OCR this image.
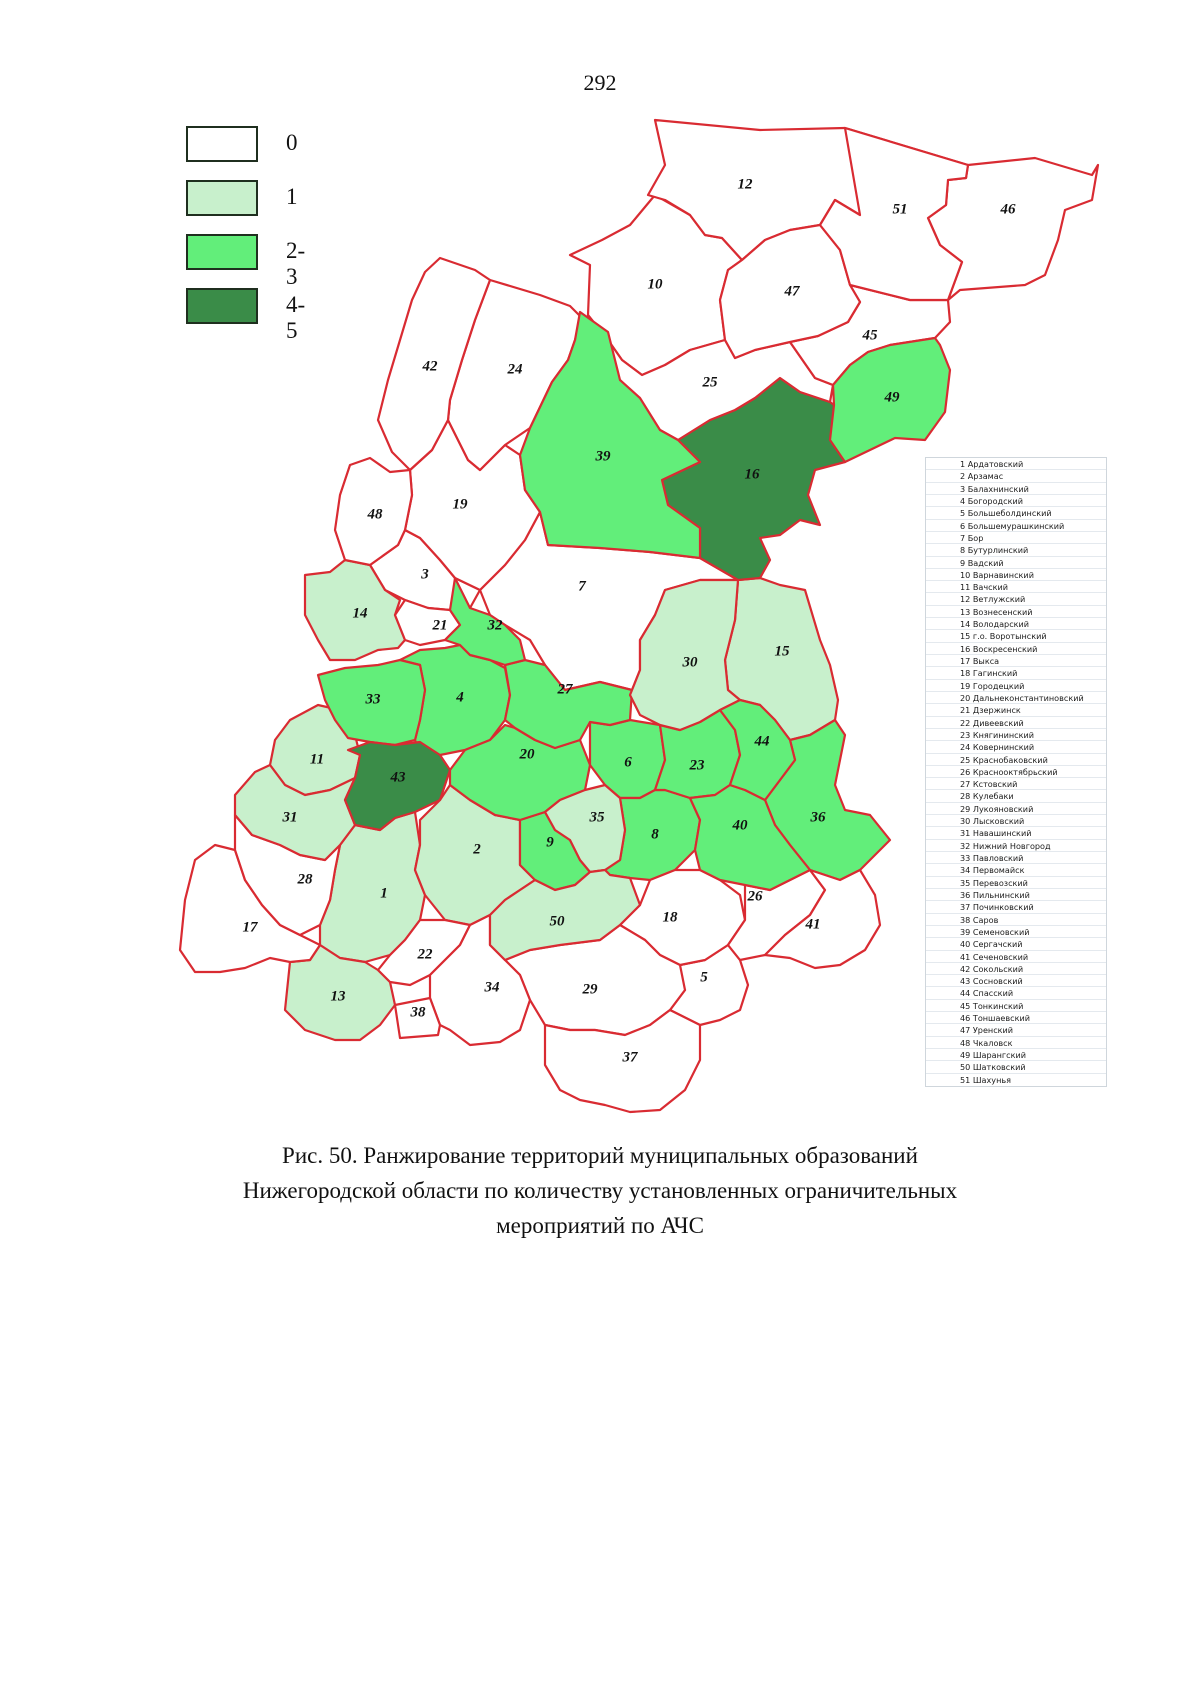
292
0
1
2-3
4-5
1
2
3
4
5
6
7
8
9
10
11
12
13
14
15
16
17
18
19
20
21
22
23
24
25
26
27
28
29
30
31
32
33
34
35	36
37
38
39
40
41
42
43
44
45
46
47
48
49
50
51
1 Ардатовский
2 Арзамас
3 Балахнинский
4 Богородский
5 Большеболдинский
6 Большемурашкинский
7 Бор
8 Бутурлинский
9 Вадский
10 Варнавинский
11 Вачский
12 Ветлужский
13 Вознесенский
14 Володарский
15 г.о. Воротынский
16 Воскресенский
17 Выкса
18 Гагинский
19 Городецкий
20 Дальнеконстантиновский
21 Дзержинск
22 Дивеевский
23 Княгининский
24 Ковернинский
25 Краснобаковский
26 Краснооктябрьский
27 Кстовский
28 Кулебаки
29 Лукояновский
30 Лысковский
31 Навашинский
32 Нижний Новгород
33 Павловский
34 Первомайск
35 Перевозский
36 Пильнинский
37 Починковский
38 Саров
39 Семеновский
40 Сергачский
41 Сеченовский
42 Сокольский
43 Сосновский
44 Спасский
45 Тонкинский
46 Тоншаевский
47 Уренский
48 Чкаловск
49 Шарангский
50 Шатковский
51 Шахунья
Рис. 50. Ранжирование территорий муниципальных образований
Нижегородской области по количеству установленных ограничительных
мероприятий по АЧС
